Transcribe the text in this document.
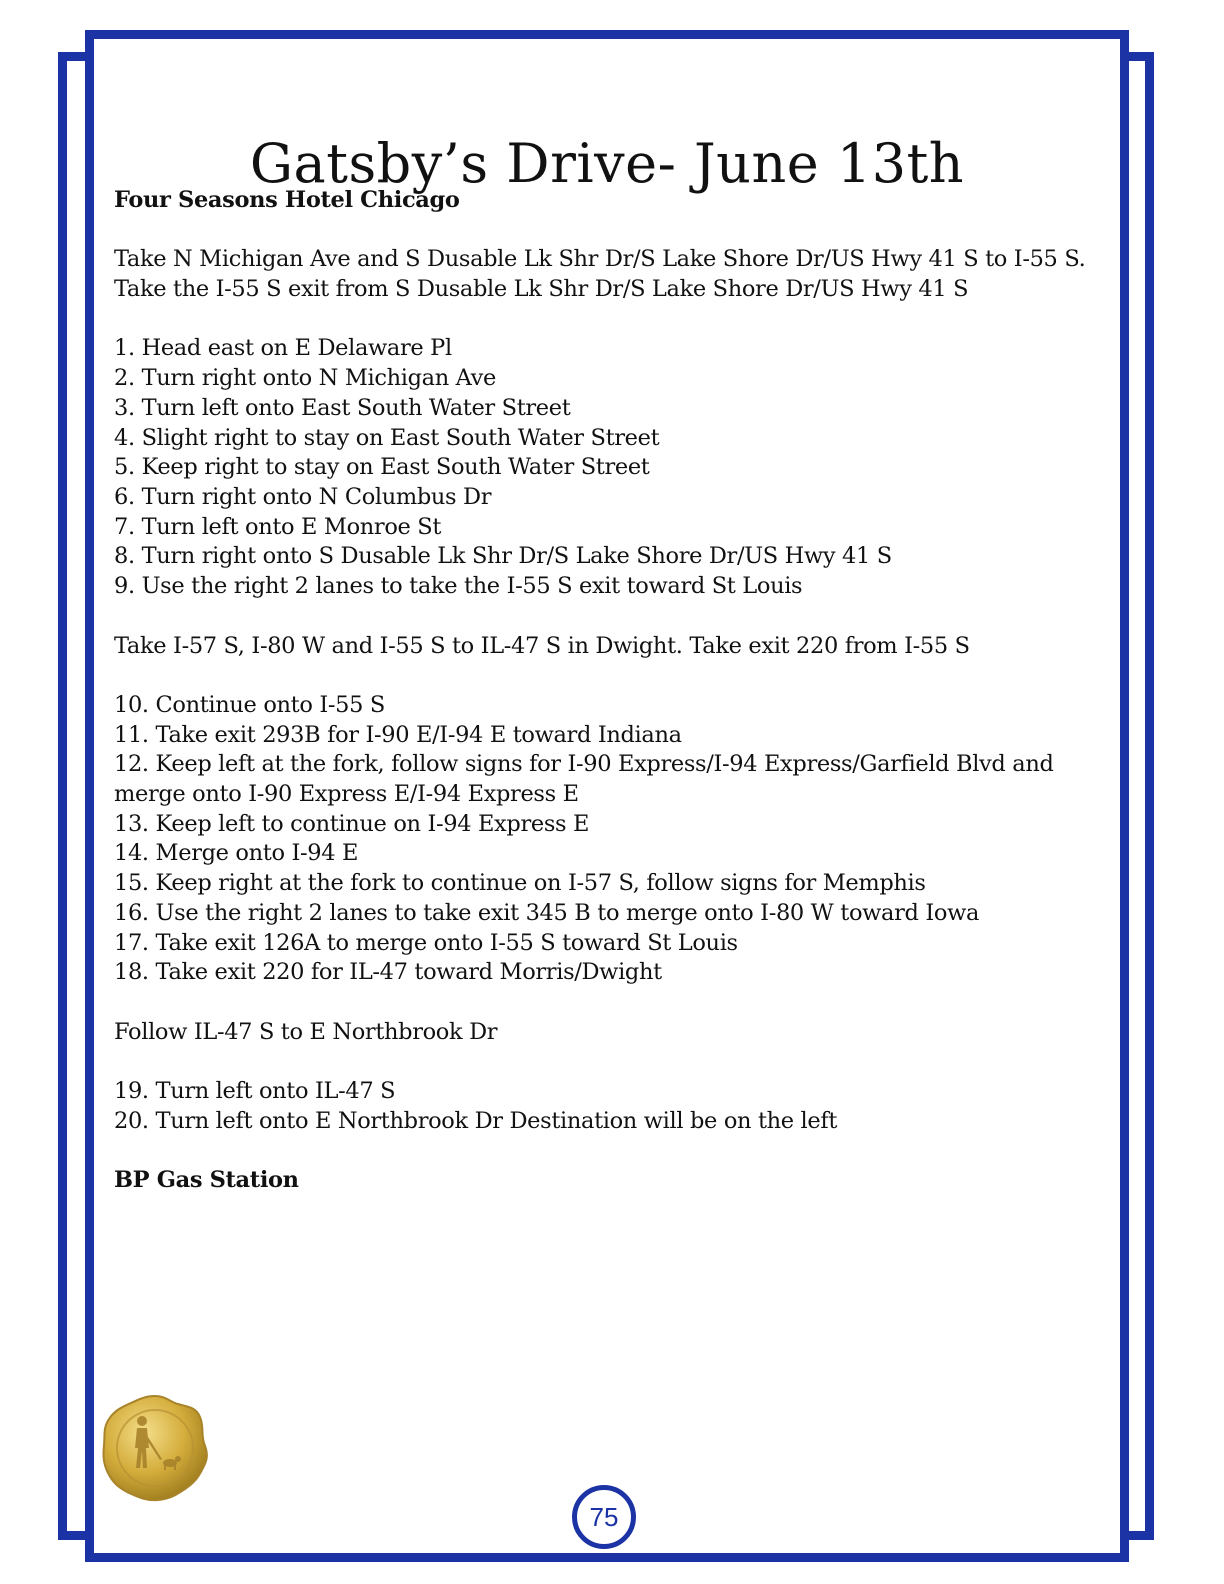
Gatsby’s Drive- June 13th

Four Seasons Hotel Chicago

Take N Michigan Ave and S Dusable Lk Shr Dr/S Lake Shore Dr/US Hwy 41 S to I-55 S. Take the I-55 S exit from S Dusable Lk Shr Dr/S Lake Shore Dr/US Hwy 41 S

1. Head east on E Delaware Pl

2. Turn right onto N Michigan Ave

3. Turn left onto East South Water Street

4. Slight right to stay on East South Water Street

5. Keep right to stay on East South Water Street

6. Turn right onto N Columbus Dr

7. Turn left onto E Monroe St

8. Turn right onto S Dusable Lk Shr Dr/S Lake Shore Dr/US Hwy 41 S

9. Use the right 2 lanes to take the I-55 S exit toward St Louis

Take I-57 S, I-80 W and I-55 S to IL-47 S in Dwight. Take exit 220 from I-55 S

10. Continue onto I-55 S

11. Take exit 293B for I-90 E/I-94 E toward Indiana

12. Keep left at the fork, follow signs for I-90 Express/I-94 Express/Garfield Blvd and merge onto I-90 Express E/I-94 Express E

13. Keep left to continue on I-94 Express E

14. Merge onto I-94 E

15. Keep right at the fork to continue on I-57 S, follow signs for Memphis

16. Use the right 2 lanes to take exit 345 B to merge onto I-80 W toward Iowa

17. Take exit 126A to merge onto I-55 S toward St Louis

18. Take exit 220 for IL-47 toward Morris/Dwight

Follow IL-47 S to E Northbrook Dr

19. Turn left onto IL-47 S

20. Turn left onto E Northbrook Dr Destination will be on the left

BP Gas Station

75
